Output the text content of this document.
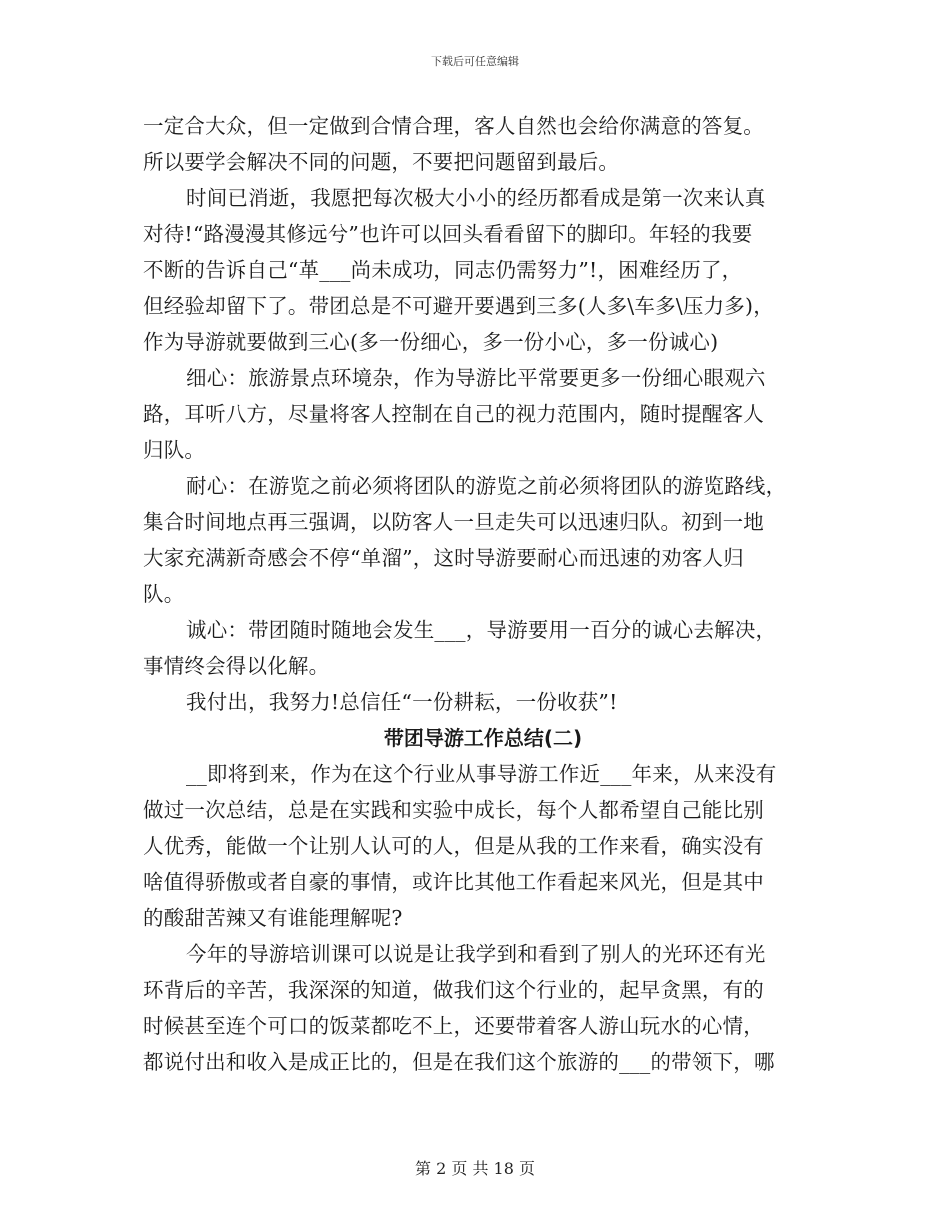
下载后可任意编辑
一定合大众，但一定做到合情合理，客人自然也会给你满意的答复。
所以要学会解决不同的问题，不要把问题留到最后。
时间已消逝，我愿把每次极大小小的经历都看成是第一次来认真
对待!“路漫漫其修远兮”也许可以回头看看留下的脚印。年轻的我要
不断的告诉自己“革___尚未成功，同志仍需努力”!，困难经历了，
但经验却留下了。带团总是不可避开要遇到三多(人多\车多\压力多)，
作为导游就要做到三心(多一份细心，多一份小心，多一份诚心)
细心：旅游景点环境杂，作为导游比平常要更多一份细心眼观六
路，耳听八方，尽量将客人控制在自己的视力范围内，随时提醒客人
归队。
耐心：在游览之前必须将团队的游览之前必须将团队的游览路线，
集合时间地点再三强调，以防客人一旦走失可以迅速归队。初到一地
大家充满新奇感会不停“单溜”，这时导游要耐心而迅速的劝客人归
队。
诚心：带团随时随地会发生___，导游要用一百分的诚心去解决，
事情终会得以化解。
我付出，我努力!总信任“一份耕耘，一份收获”!
带团导游工作总结(二)
__即将到来，作为在这个行业从事导游工作近___年来，从来没有
做过一次总结，总是在实践和实验中成长，每个人都希望自己能比别
人优秀，能做一个让别人认可的人，但是从我的工作来看，确实没有
啥值得骄傲或者自豪的事情，或许比其他工作看起来风光，但是其中
的酸甜苦辣又有谁能理解呢?
今年的导游培训课可以说是让我学到和看到了别人的光环还有光
环背后的辛苦，我深深的知道，做我们这个行业的，起早贪黑，有的
时候甚至连个可口的饭菜都吃不上，还要带着客人游山玩水的心情，
都说付出和收入是成正比的，但是在我们这个旅游的___的带领下，哪
第 2 页 共 18 页
